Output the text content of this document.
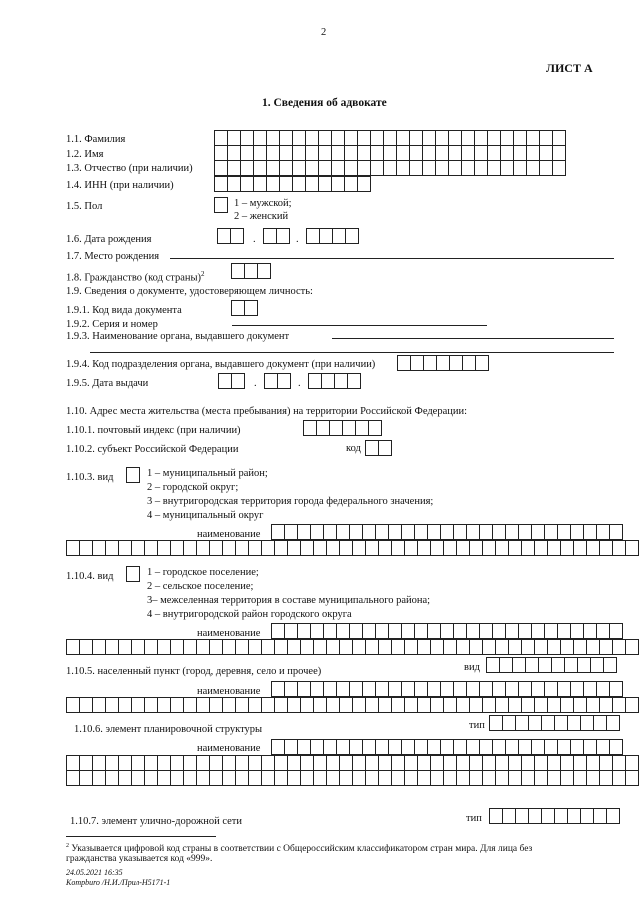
2
ЛИСТ А
1. Сведения об адвокате
1.1. Фамилия
1.2. Имя
1.3. Отчество (при наличии)
1.4. ИНН (при наличии)
1.5. Пол	1 – мужской;
2 – женский
1.6. Дата рождения	.	.
1.7. Место рождения
1.8. Гражданство (код страны)$^2$
1.9. Сведения о документе, удостоверяющем личность:
1.9.1. Код вида документа
1.9.2. Серия и номер
1.9.3. Наименование органа, выдавшего документ
1.9.4. Код подразделения органа, выдавшего документ (при наличии)
1.9.5. Дата выдачи	.	.
1.10. Адрес места жительства (места пребывания) на территории Российской Федерации:
1.10.1. почтовый индекс (при наличии)
1.10.2. субъект Российской Федерации	код
1.10.3. вид	1 – муниципальный район;
2 – городской округ;
3 – внутригородская территория города федерального значения;
4 – муниципальный округ
наименование
1.10.4. вид	1 – городское поселение;
2 – сельское поселение;
3– межселенная территория в составе муниципального района;
4 – внутригородской район городского округа
наименование
1.10.5. населенный пункт (город, деревня, село и прочее)	вид
наименование
1.10.6. элемент планировочной структуры	тип
наименование
1.10.7. элемент улично-дорожной сети	тип
$^2$ Указывается цифровой код страны в соответствии с Общероссийским классификатором стран мира. Для лица без
гражданства указывается код «999».
24.05.2021 16:35
Kompburo /Н.И./Прил-Н5171-1
